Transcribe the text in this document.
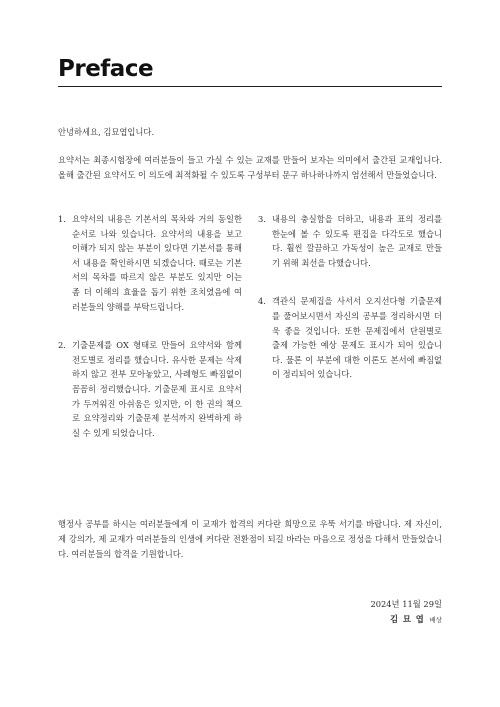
Preface
안녕하세요, 김묘엽입니다.
요약서는 최종시험장에 여러분들이 들고 가실 수 있는 교재를 만들어 보자는 의미에서 출간된 교재입니다. 올해 출간된 요약서도 이 의도에 최적화될 수 있도록 구성부터 문구 하나하나까지 엄선해서 만들었습니다.
1. 요약서의 내용은 기본서의 목차와 거의 동일한 순서로 나와 있습니다. 요약서의 내용을 보고 이해가 되지 않는 부분이 있다면 기본서를 통해서 내용을 확인하시면 되겠습니다. 때로는 기본서의 목차를 따르지 않은 부분도 있지만 이는 좀 더 이해의 효율을 돕기 위한 조치였음에 여러분들의 양해를 부탁드립니다.
2. 기출문제를 OX 형태로 만들어 요약서와 함께 전도별로 정리를 했습니다. 유사한 문제는 삭제하지 않고 전부 모아놓았고, 사례형도 빠짐없이 꼼꼼히 정리했습니다. 기출문제 표시로 요약서가 두꺼워진 아쉬움은 있지만, 이 한 권의 책으로 요약정리와 기출문제 분석까지 완벽하게 하실 수 있게 되었습니다.
3. 내용의 충실함을 더하고, 내용과 표의 정리를 한눈에 볼 수 있도록 편집을 다각도로 했습니다. 훨씬 깔끔하고 가독성이 높은 교재로 만들기 위해 최선을 다했습니다.
4. 객관식 문제집을 사서서 오지선다형 기출문제를 풀어보시면서 자신의 공부를 정리하시면 더욱 좋을 것입니다. 또한 문제집에서 단원별로 출제 가능한 예상 문제도 표시가 되어 있습니다. 물론 이 부분에 대한 이론도 본서에 빠짐없이 정리되어 있습니다.
행정사 공부를 하시는 여러분들에게 이 교재가 합격의 커다란 희망으로 우뚝 서기를 바랍니다. 제 자신이, 제 강의가, 제 교재가 여러분들의 인생에 커다란 전환점이 되길 바라는 마음으로 정성을 다해서 만들었습니다. 여러분들의 합격을 기원합니다.
2024년 11월 29일
김 묘 엽 배상
